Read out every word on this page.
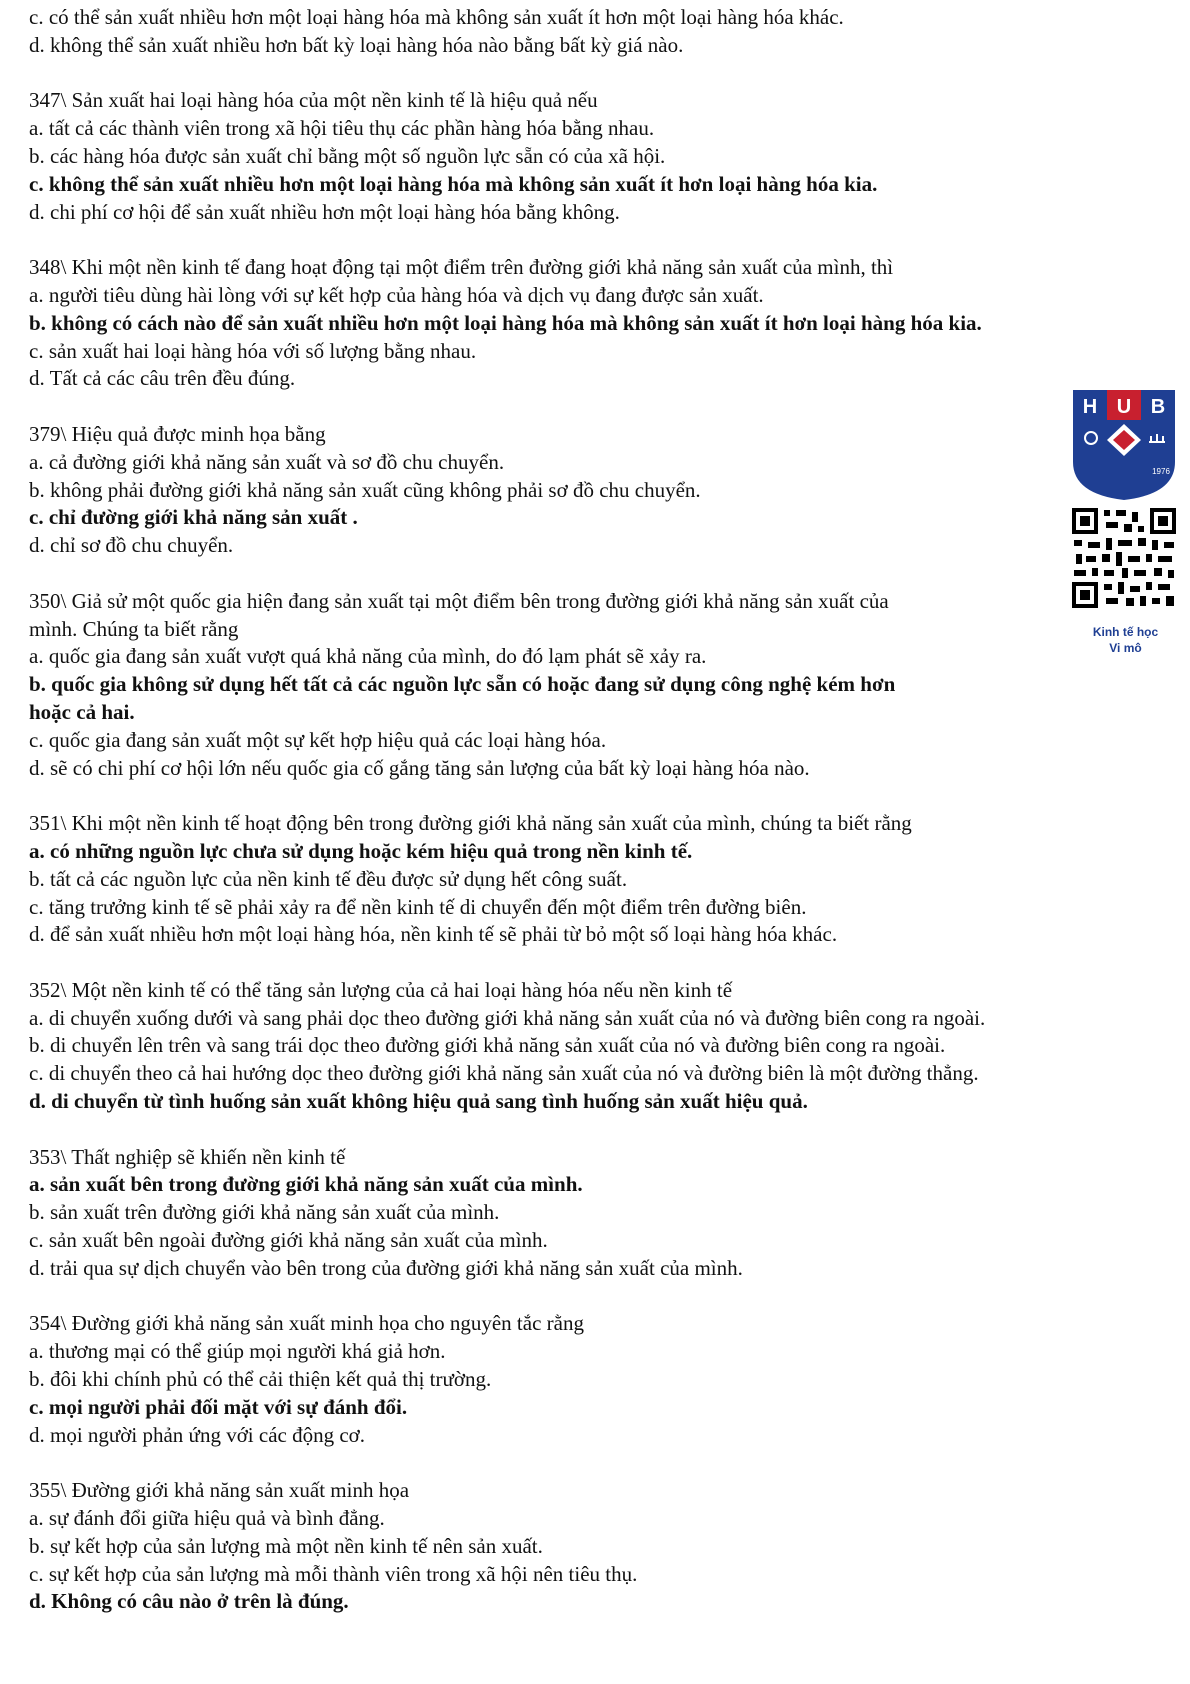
c. có thể sản xuất nhiều hơn một loại hàng hóa mà không sản xuất ít hơn một loại hàng hóa khác.
d. không thể sản xuất nhiều hơn bất kỳ loại hàng hóa nào bằng bất kỳ giá nào.
347\ Sản xuất hai loại hàng hóa của một nền kinh tế là hiệu quả nếu
a. tất cả các thành viên trong xã hội tiêu thụ các phần hàng hóa bằng nhau.
b. các hàng hóa được sản xuất chỉ bằng một số nguồn lực sẵn có của xã hội.
c. không thể sản xuất nhiều hơn một loại hàng hóa mà không sản xuất ít hơn loại hàng hóa kia.
d. chi phí cơ hội để sản xuất nhiều hơn một loại hàng hóa bằng không.
348\ Khi một nền kinh tế đang hoạt động tại một điểm trên đường giới khả năng sản xuất của mình, thì
a. người tiêu dùng hài lòng với sự kết hợp của hàng hóa và dịch vụ đang được sản xuất.
b. không có cách nào để sản xuất nhiều hơn một loại hàng hóa mà không sản xuất ít hơn loại hàng hóa kia.
c. sản xuất hai loại hàng hóa với số lượng bằng nhau.
d. Tất cả các câu trên đều đúng.
379\ Hiệu quả được minh họa bằng
a. cả đường giới khả năng sản xuất và sơ đồ chu chuyển.
b. không phải đường giới khả năng sản xuất cũng không phải sơ đồ chu chuyển.
c. chỉ đường giới khả năng sản xuất .
d. chỉ sơ đồ chu chuyển.
350\ Giả sử một quốc gia hiện đang sản xuất tại một điểm bên trong đường giới khả năng sản xuất của
mình. Chúng ta biết rằng
a. quốc gia đang sản xuất vượt quá khả năng của mình, do đó lạm phát sẽ xảy ra.
b. quốc gia không sử dụng hết tất cả các nguồn lực sẵn có hoặc đang sử dụng công nghệ kém hơn
hoặc cả hai.
c. quốc gia đang sản xuất một sự kết hợp hiệu quả các loại hàng hóa.
d. sẽ có chi phí cơ hội lớn nếu quốc gia cố gắng tăng sản lượng của bất kỳ loại hàng hóa nào.
351\ Khi một nền kinh tế hoạt động bên trong đường giới khả năng sản xuất của mình, chúng ta biết rằng
a. có những nguồn lực chưa sử dụng hoặc kém hiệu quả trong nền kinh tế.
b. tất cả các nguồn lực của nền kinh tế đều được sử dụng hết công suất.
c. tăng trưởng kinh tế sẽ phải xảy ra để nền kinh tế di chuyển đến một điểm trên đường biên.
d. để sản xuất nhiều hơn một loại hàng hóa, nền kinh tế sẽ phải từ bỏ một số loại hàng hóa khác.
352\ Một nền kinh tế có thể tăng sản lượng của cả hai loại hàng hóa nếu nền kinh tế
a. di chuyển xuống dưới và sang phải dọc theo đường giới khả năng sản xuất của nó và đường biên cong ra ngoài.
b. di chuyển lên trên và sang trái dọc theo đường giới khả năng sản xuất của nó và đường biên cong ra ngoài.
c. di chuyển theo cả hai hướng dọc theo đường giới khả năng sản xuất của nó và đường biên là một đường thẳng.
d. di chuyển từ tình huống sản xuất không hiệu quả sang tình huống sản xuất hiệu quả.
353\ Thất nghiệp sẽ khiến nền kinh tế
a. sản xuất bên trong đường giới khả năng sản xuất của mình.
b. sản xuất trên đường giới khả năng sản xuất của mình.
c. sản xuất bên ngoài đường giới khả năng sản xuất của mình.
d. trải qua sự dịch chuyển vào bên trong của đường giới khả năng sản xuất của mình.
354\ Đường giới khả năng sản xuất minh họa cho nguyên tắc rằng
a. thương mại có thể giúp mọi người khá giả hơn.
b. đôi khi chính phủ có thể cải thiện kết quả thị trường.
c. mọi người phải đối mặt với sự đánh đổi.
d. mọi người phản ứng với các động cơ.
355\ Đường giới khả năng sản xuất minh họa
a. sự đánh đổi giữa hiệu quả và bình đẳng.
b. sự kết hợp của sản lượng mà một nền kinh tế nên sản xuất.
c. sự kết hợp của sản lượng mà mỗi thành viên trong xã hội nên tiêu thụ.
d. Không có câu nào ở trên là đúng.
H U B
1976
Kinh tế học
Vi mô
